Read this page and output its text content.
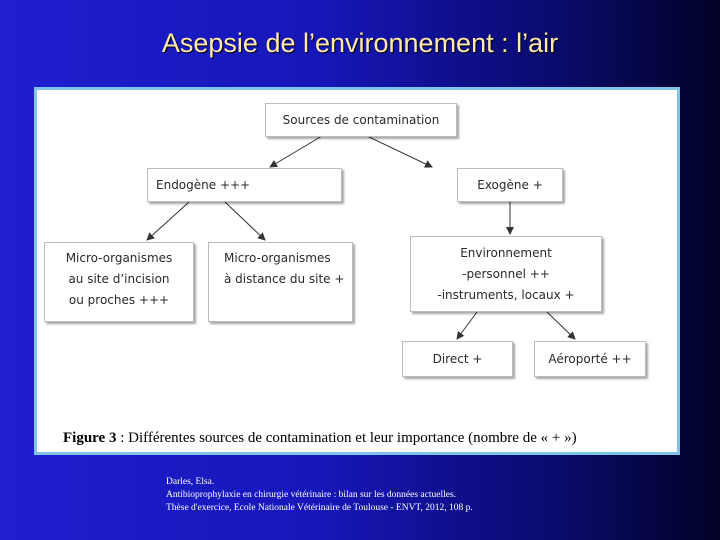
Asepsie de l’environnement : l’air
Sources de contamination
Endogène +++	Exogène +
Micro-organismes
au site d’incision
ou proches +++
Micro-organismes
à distance du site +
Environnement
-personnel ++
-instruments, locaux +
Direct +	Aéroporté ++
Figure 3 : Différentes sources de contamination et leur importance (nombre de « + »)
Darles, Elsa.
Antibioprophylaxie en chirurgie vétérinaire : bilan sur les données actuelles.
Thèse d'exercice, Ecole Nationale Vétérinaire de Toulouse - ENVT, 2012, 108 p.
